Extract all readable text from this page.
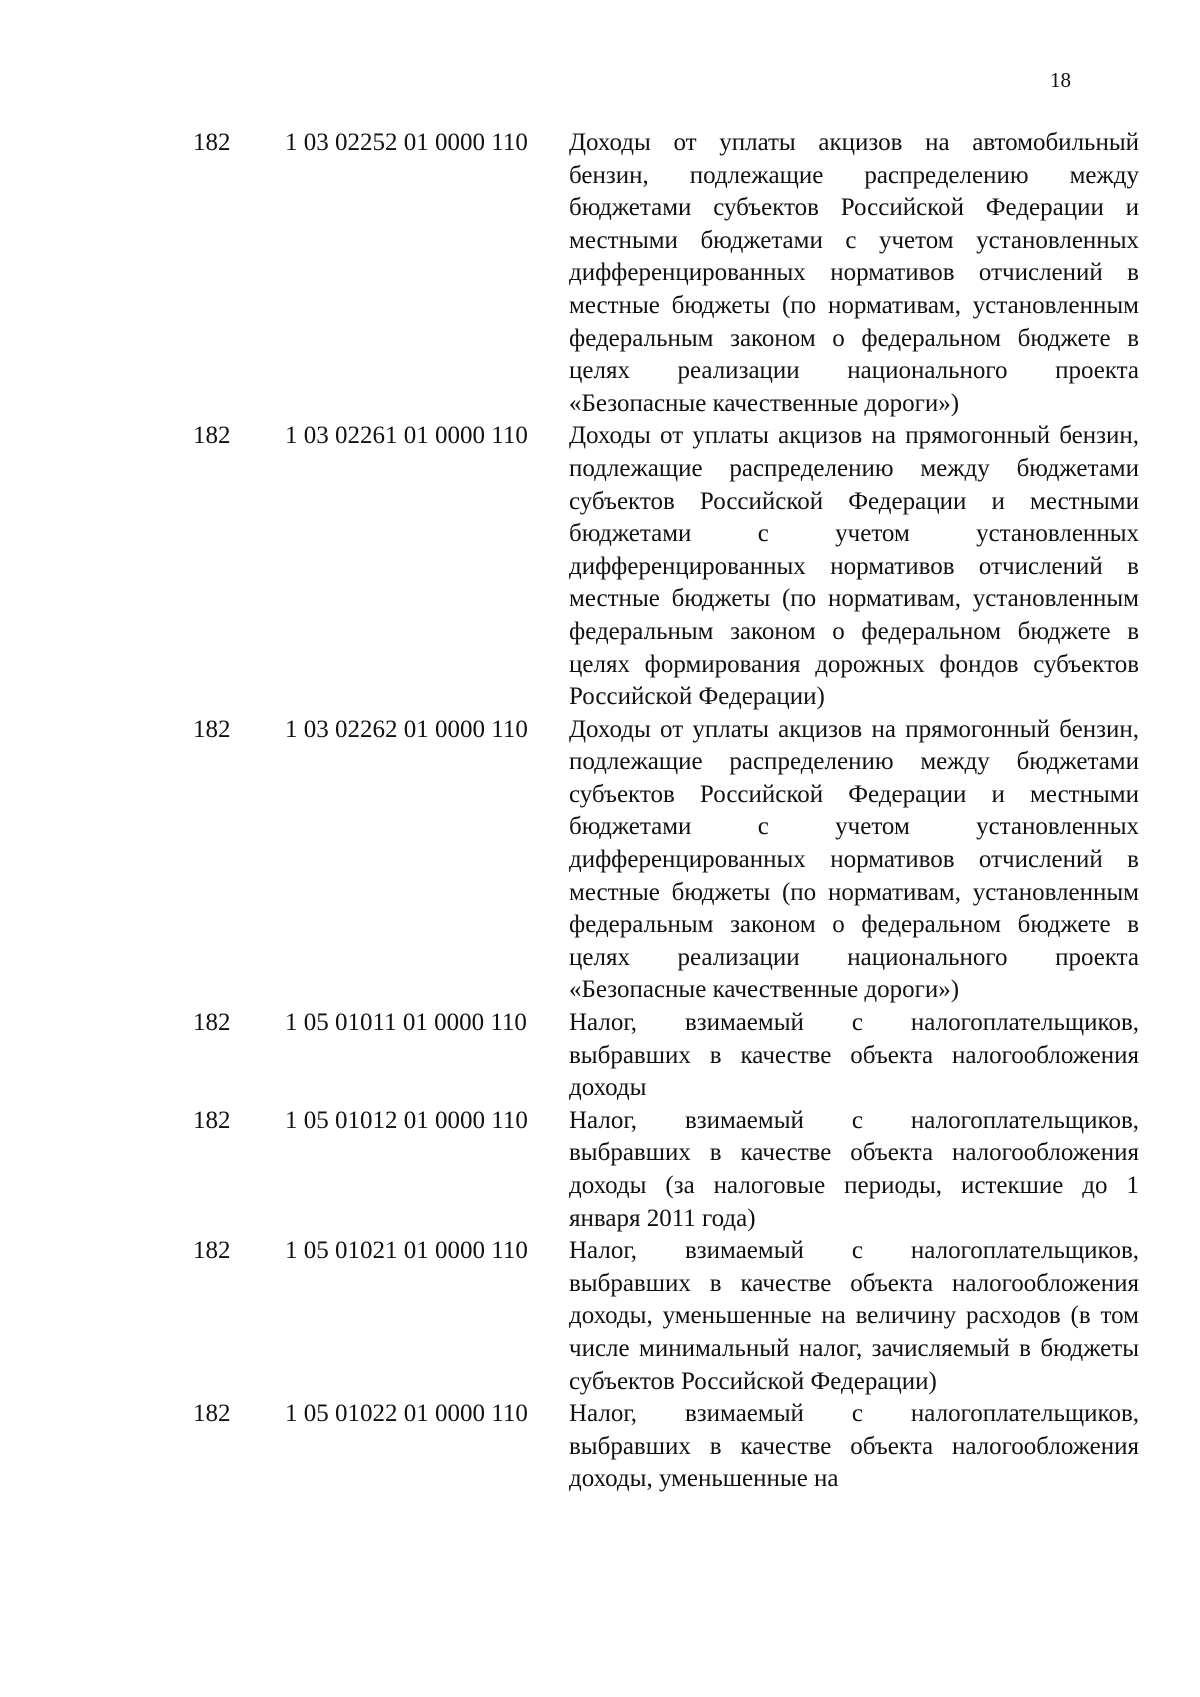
18
182	1 03 02252 01 0000 110	Доходы от уплаты акцизов на автомобильный бензин, подлежащие распределению между бюджетами субъектов Российской Федерации и местными бюджетами с учетом установленных дифференцированных нормативов отчислений в местные бюджеты (по нормативам, установленным федеральным законом о федеральном бюджете в целях реализации национального проекта «Безопасные качественные дороги»)
182	1 03 02261 01 0000 110	Доходы от уплаты акцизов на прямогонный бензин, подлежащие распределению между бюджетами субъектов Российской Федерации и местными бюджетами с учетом установленных дифференцированных нормативов отчислений в местные бюджеты (по нормативам, установленным федеральным законом о федеральном бюджете в целях формирования дорожных фондов субъектов Российской Федерации)
182	1 03 02262 01 0000 110	Доходы от уплаты акцизов на прямогонный бензин, подлежащие распределению между бюджетами субъектов Российской Федерации и местными бюджетами с учетом установленных дифференцированных нормативов отчислений в местные бюджеты (по нормативам, установленным федеральным законом о федеральном бюджете в целях реализации национального проекта «Безопасные качественные дороги»)
182	1 05 01011 01 0000 110	Налог, взимаемый с налогоплательщиков, выбравших в качестве объекта налогообложения доходы
182	1 05 01012 01 0000 110	Налог, взимаемый с налогоплательщиков, выбравших в качестве объекта налогообложения доходы (за налоговые периоды, истекшие до 1 января 2011 года)
182	1 05 01021 01 0000 110	Налог, взимаемый с налогоплательщиков, выбравших в качестве объекта налогообложения доходы, уменьшенные на величину расходов (в том числе минимальный налог, зачисляемый в бюджеты субъектов Российской Федерации)
182	1 05 01022 01 0000 110	Налог, взимаемый с налогоплательщиков, выбравших в качестве объекта налогообложения доходы, уменьшенные на
